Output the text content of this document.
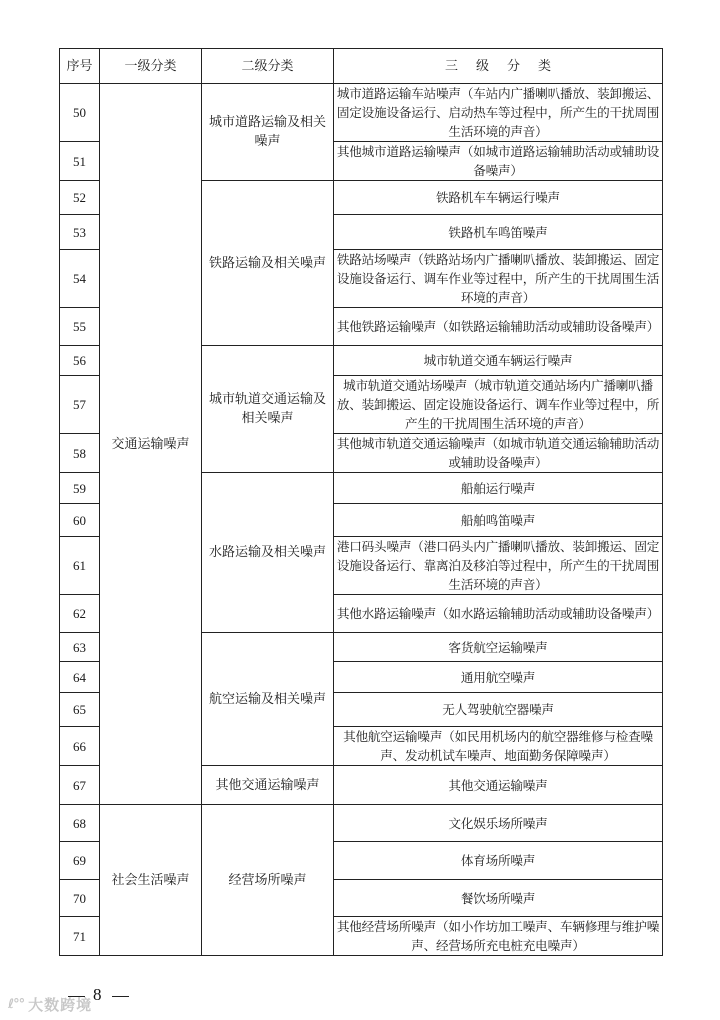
序号	一级分类	二级分类	三级分类
50	交通运输噪声	城市道路运输及相关噪声	城市道路运输车站噪声（车站内广播喇叭播放、装卸搬运、固定设施设备运行、启动热车等过程中，所产生的干扰周围生活环境的声音）
51			其他城市道路运输噪声（如城市道路运输辅助活动或辅助设备噪声）
52		铁路运输及相关噪声	铁路机车车辆运行噪声
53			铁路机车鸣笛噪声
54			铁路站场噪声（铁路站场内广播喇叭播放、装卸搬运、固定设施设备运行、调车作业等过程中，所产生的干扰周围生活环境的声音）
55			其他铁路运输噪声（如铁路运输辅助活动或辅助设备噪声）
56		城市轨道交通运输及相关噪声	城市轨道交通车辆运行噪声
57			城市轨道交通站场噪声（城市轨道交通站场内广播喇叭播放、装卸搬运、固定设施设备运行、调车作业等过程中，所产生的干扰周围生活环境的声音）
58			其他城市轨道交通运输噪声（如城市轨道交通运输辅助活动或辅助设备噪声）
59		水路运输及相关噪声	船舶运行噪声
60			船舶鸣笛噪声
61			港口码头噪声（港口码头内广播喇叭播放、装卸搬运、固定设施设备运行、靠离泊及移泊等过程中，所产生的干扰周围生活环境的声音）
62			其他水路运输噪声（如水路运输辅助活动或辅助设备噪声）
63		航空运输及相关噪声	客货航空运输噪声
64			通用航空噪声
65			无人驾驶航空器噪声
66			其他航空运输噪声（如民用机场内的航空器维修与检查噪声、发动机试车噪声、地面勤务保障噪声）
67		其他交通运输噪声	其他交通运输噪声
68	社会生活噪声	经营场所噪声	文化娱乐场所噪声
69			体育场所噪声
70			餐饮场所噪声
71			其他经营场所噪声（如小作坊加工噪声、车辆修理与维护噪声、经营场所充电桩充电噪声）
8
ℓ°° 大数跨境
